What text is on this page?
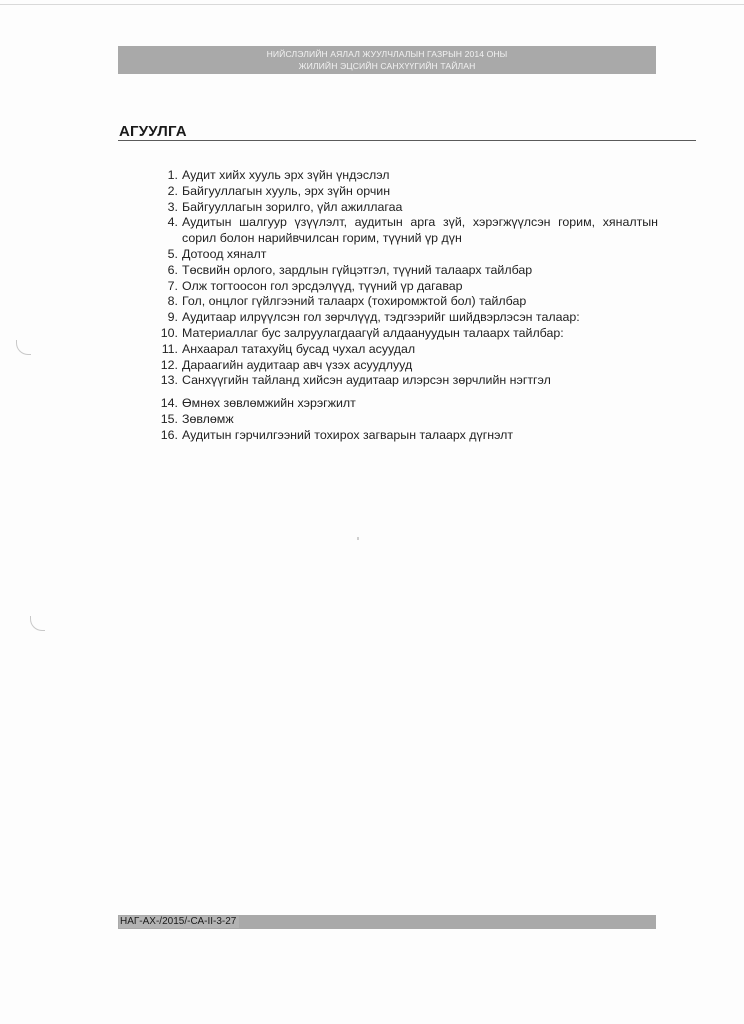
НИЙСЛЭЛИЙН АЯЛАЛ ЖУУЛЧЛАЛЫН ГАЗРЫН 2014 ОНЫ
ЖИЛИЙН ЭЦСИЙН САНХҮҮГИЙН ТАЙЛАН
АГУУЛГА
1. Аудит хийх хууль эрх зүйн үндэслэл
2. Байгууллагын хууль, эрх зүйн орчин
3. Байгууллагын зорилго, үйл ажиллагаа
4. Аудитын шалгуур үзүүлэлт, аудитын арга зүй, хэрэгжүүлсэн горим, хяналтын сорил болон нарийвчилсан горим, түүний үр дүн
5. Дотоод хяналт
6. Төсвийн орлого, зардлын гүйцэтгэл, түүний талаарх тайлбар
7. Олж тогтоосон гол эрсдэлүүд, түүний үр дагавар
8. Гол, онцлог гүйлгээний талаарх (тохиромжтой бол) тайлбар
9. Аудитаар илрүүлсэн гол зөрчлүүд, тэдгээрийг шийдвэрлэсэн талаар:
10. Материаллаг бус залруулагдаагүй алдаануудын талаарх тайлбар:
11. Анхаарал татахуйц бусад чухал асуудал
12. Дараагийн аудитаар авч үзэх асуудлууд
13. Санхүүгийн тайланд хийсэн аудитаар илэрсэн зөрчлийн нэгтгэл
14. Өмнөх зөвлөмжийн хэрэгжилт
15. Зөвлөмж
16. Аудитын гэрчилгээний тохирох загварын талаарх дүгнэлт
НАГ-АХ-/2015/-СА-II-3-27
